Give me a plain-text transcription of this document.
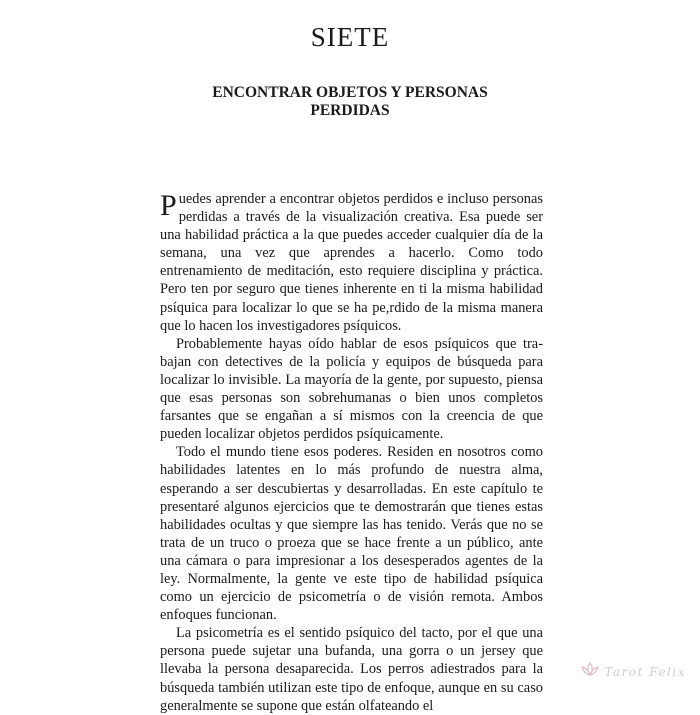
SIETE
ENCONTRAR OBJETOS Y PERSONAS
PERDIDAS

Puedes aprender a encontrar objetos perdidos e incluso personas perdidas a través de la visualización creativa. Esa puede ser una habilidad práctica a la que puedes acceder cualquier día de la semana, una vez que aprendes a hacerlo. Como todo entrenamiento de meditación, esto requiere disciplina y práctica. Pero ten por seguro que tienes inherente en ti la misma habilidad psíquica para localizar lo que se ha pe,rdido de la misma manera que lo hacen los investigadores psíquicos.

Probablemente hayas oído hablar de esos psíquicos que trabajan con detectives de la policía y equipos de búsqueda para localizar lo invisible. La mayoría de la gente, por supuesto, piensa que esas personas son sobrehumanas o bien unos completos farsantes que se engañan a sí mismos con la creencia de que pueden localizar objetos perdidos psíquicamente.

Todo el mundo tiene esos poderes. Residen en nosotros como habilidades latentes en lo más profundo de nuestra alma, esperando a ser descubiertas y desarrolladas. En este capítulo te presentaré algunos ejercicios que te demostrarán que tienes estas habilidades ocultas y que siempre las has tenido. Verás que no se trata de un truco o proeza que se hace frente a un público, ante una cámara o para impresionar a los desesperados agentes de la ley. Normalmente, la gente ve este tipo de habilidad psíquica como un ejercicio de psicometría o de visión remota. Ambos enfoques funcionan.

La psicometría es el sentido psíquico del tacto, por el que una persona puede sujetar una bufanda, una gorra o un jersey que llevaba la persona desaparecida. Los perros adiestrados para la búsqueda también utilizan este tipo de enfoque, aunque en su caso generalmente se supone que están olfateando el

Tarot Felix
